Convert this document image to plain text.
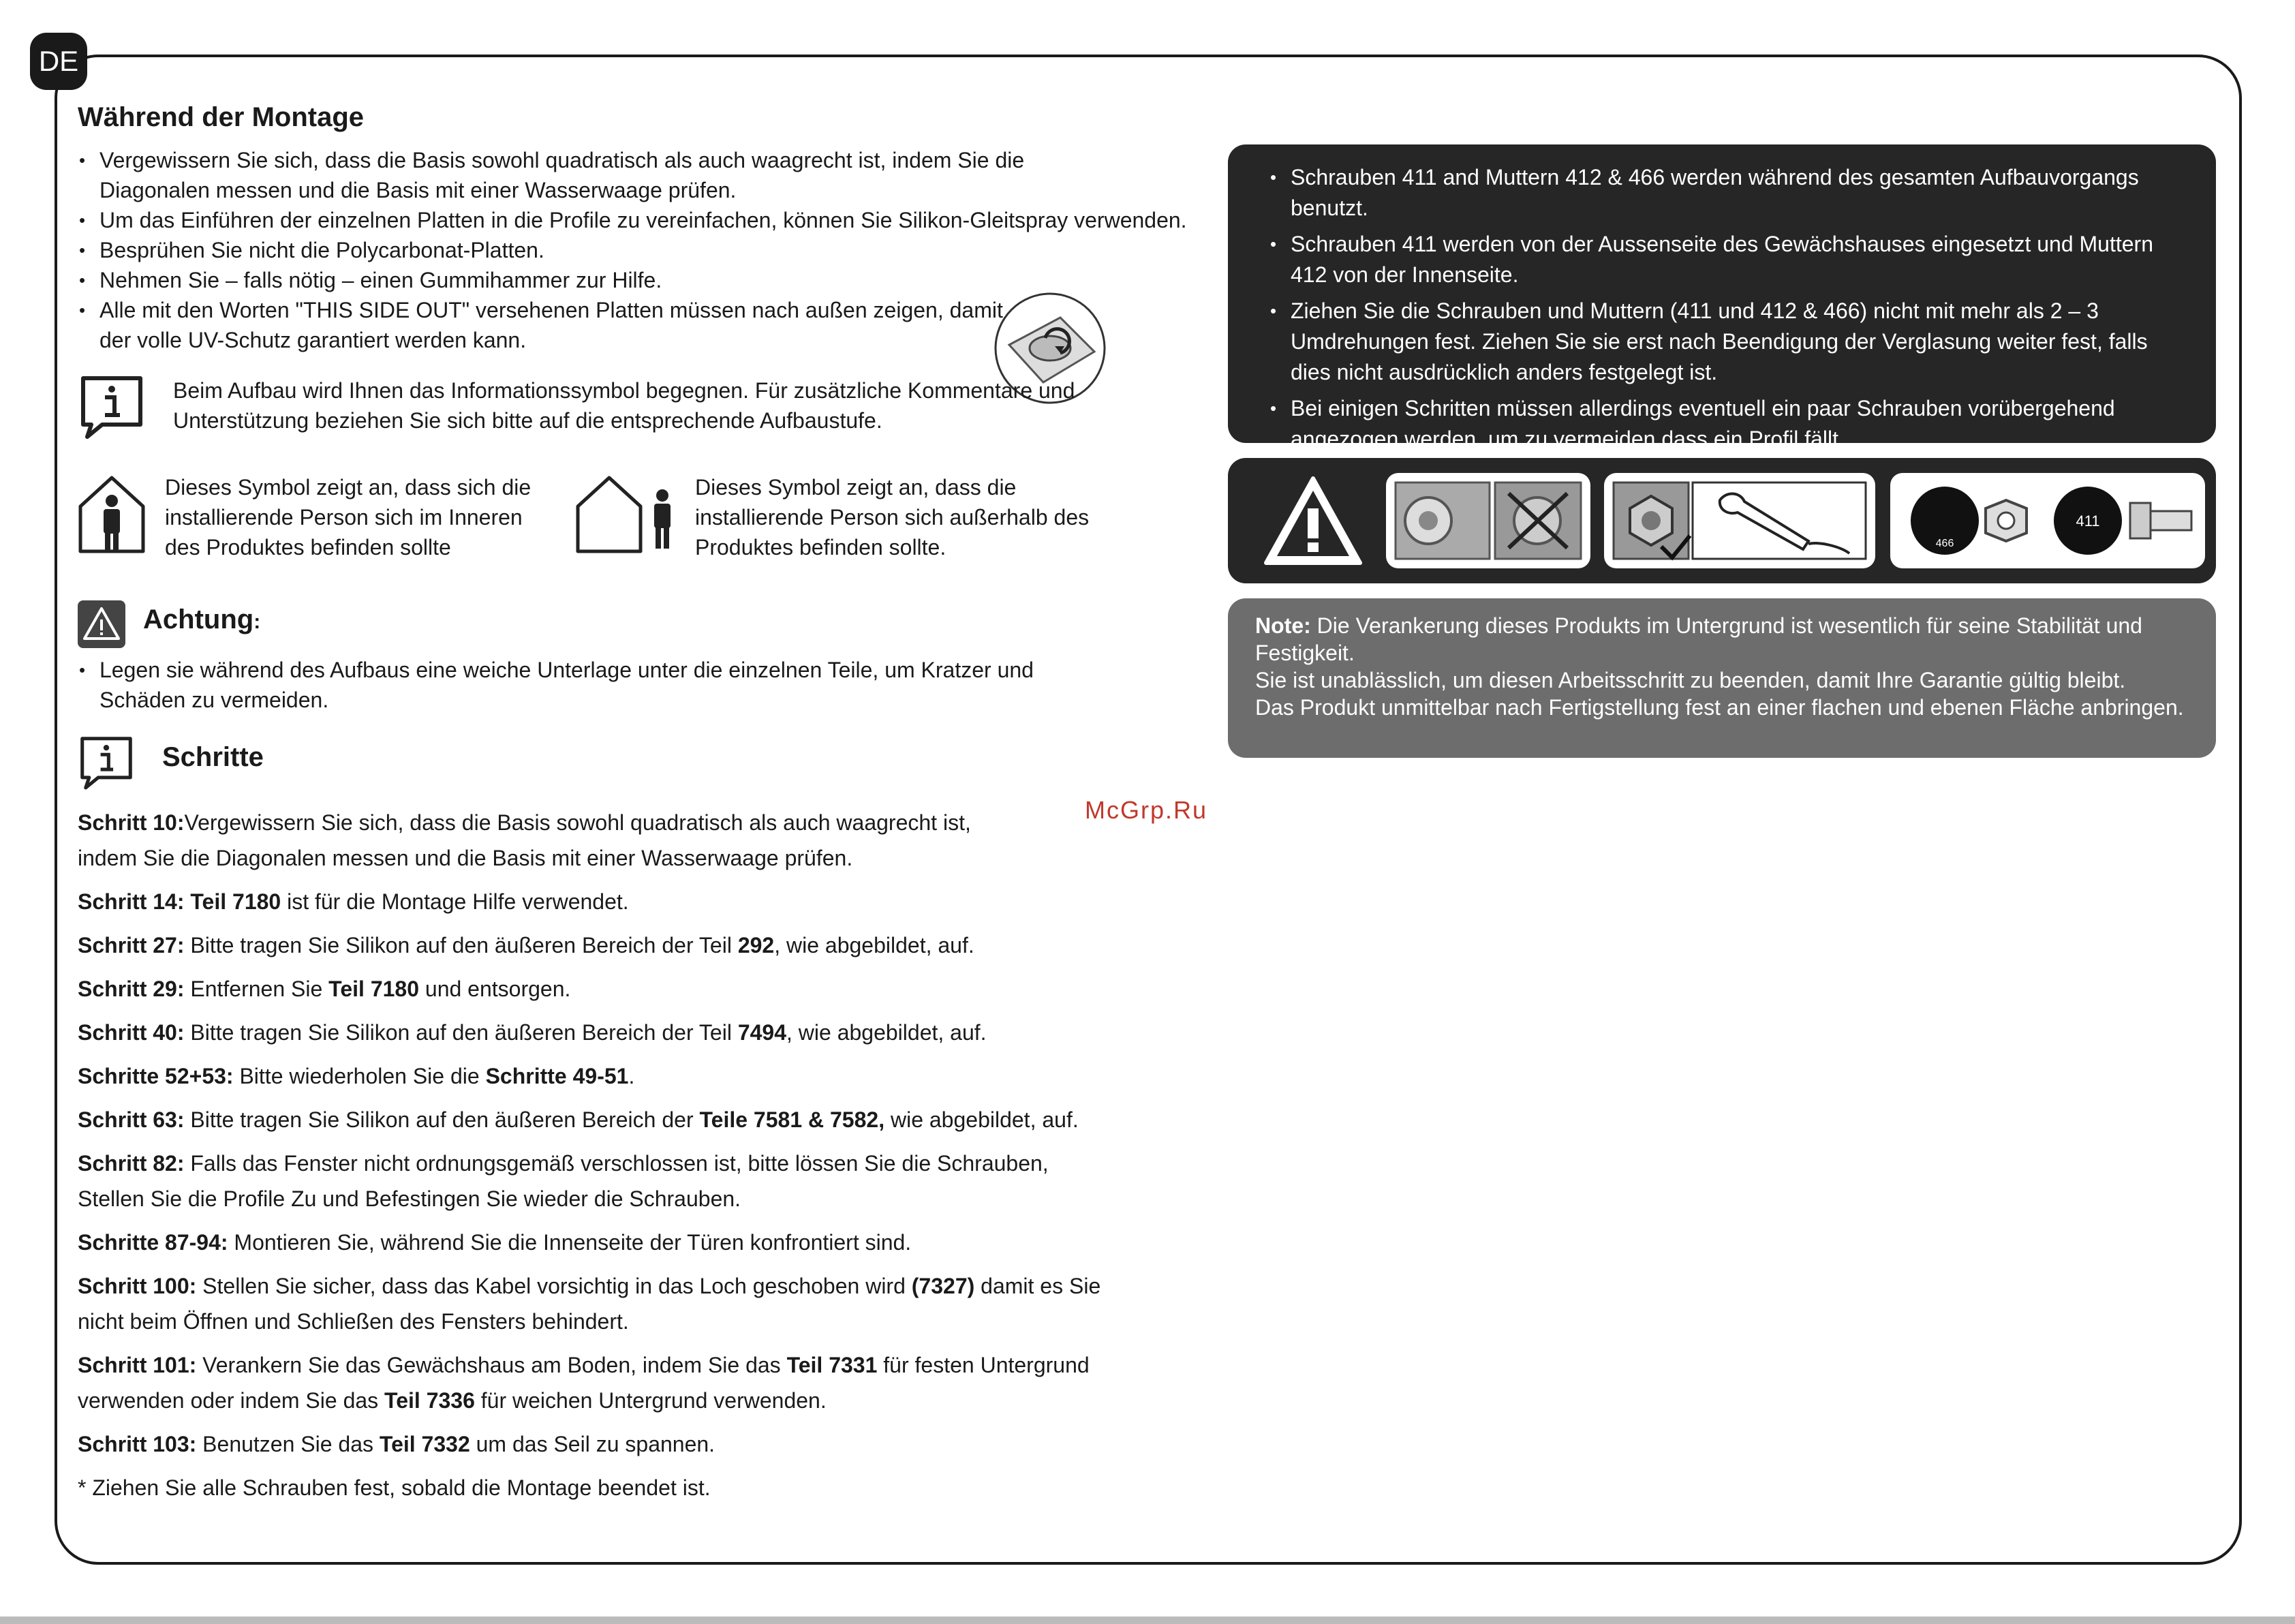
DE
Während der Montage
• Vergewissern Sie sich, dass die Basis sowohl quadratisch als auch waagrecht ist, indem Sie die Diagonalen messen und die Basis mit einer Wasserwaage prüfen.
• Um das Einführen der einzelnen Platten in die Profile zu vereinfachen, können Sie Silikon-Gleitspray verwenden.
• Besprühen Sie nicht die Polycarbonat-Platten.
• Nehmen Sie – falls nötig – einen Gummihammer zur Hilfe.
• Alle mit den Worten "THIS SIDE OUT" versehenen Platten müssen nach außen zeigen, damit der volle UV-Schutz garantiert werden kann.
Beim Aufbau wird Ihnen das Informationssymbol begegnen. Für zusätzliche Kommentare und Unterstützung beziehen Sie sich bitte auf die entsprechende Aufbaustufe.
Dieses Symbol zeigt an, dass sich die installierende Person sich im Inneren des Produktes befinden sollte
Dieses Symbol zeigt an, dass die installierende Person sich außerhalb des Produktes befinden sollte.
Achtung:
• Legen sie während des Aufbaus eine weiche Unterlage unter die einzelnen Teile, um Kratzer und Schäden zu vermeiden.
Schritte

Schritt 10:Vergewissern Sie sich, dass die Basis sowohl quadratisch als auch waagrecht ist, indem Sie die Diagonalen messen und die Basis mit einer Wasserwaage prüfen.

Schritt 14: Teil 7180 ist für die Montage Hilfe verwendet.

Schritt 27: Bitte tragen Sie Silikon auf den äußeren Bereich der Teil 292, wie abgebildet, auf.

Schritt 29: Entfernen Sie Teil 7180 und entsorgen.

Schritt 40: Bitte tragen Sie Silikon auf den äußeren Bereich der Teil 7494, wie abgebildet, auf.

Schritte 52+53: Bitte wiederholen Sie die Schritte 49-51.

Schritt 63: Bitte tragen Sie Silikon auf den äußeren Bereich der Teile 7581 & 7582, wie abgebildet, auf.

Schritt 82: Falls das Fenster nicht ordnungsgemäß verschlossen ist, bitte lössen Sie die Schrauben, Stellen Sie die Profile Zu und Befestingen Sie wieder die Schrauben.

Schritte 87-94: Montieren Sie, während Sie die Innenseite der Türen konfrontiert sind.

Schritt 100: Stellen Sie sicher, dass das Kabel vorsichtig in das Loch geschoben wird (7327) damit es Sie nicht beim Öffnen und Schließen des Fensters behindert.

Schritt 101: Verankern Sie das Gewächshaus am Boden, indem Sie das Teil 7331 für festen Untergrund verwenden oder indem Sie das Teil 7336 für weichen Untergrund verwenden.

Schritt 103: Benutzen Sie das Teil 7332 um das Seil zu spannen.

* Ziehen Sie alle Schrauben fest, sobald die Montage beendet ist.

McGrp.Ru
• Schrauben 411 and Muttern 412 & 466 werden während des gesamten Aufbauvorgangs benutzt.
• Schrauben 411 werden von der Aussenseite des Gewächshauses eingesetzt und Muttern 412 von der Innenseite.
• Ziehen Sie die Schrauben und Muttern (411 und 412 & 466) nicht mit mehr als 2 – 3 Umdrehungen fest. Ziehen Sie sie erst nach Beendigung der Verglasung weiter fest, falls dies nicht ausdrücklich anders festgelegt ist.
• Bei einigen Schritten müssen allerdings eventuell ein paar Schrauben vorübergehend angezogen werden, um zu vermeiden dass ein Profil fällt.
466
411

Note: Die Verankerung dieses Produkts im Untergrund ist wesentlich für seine Stabilität und Festigkeit.

Sie ist unablässlich, um diesen Arbeitsschritt zu beenden, damit Ihre Garantie gültig bleibt.

Das Produkt unmittelbar nach Fertigstellung fest an einer flachen und ebenen Fläche anbringen.
